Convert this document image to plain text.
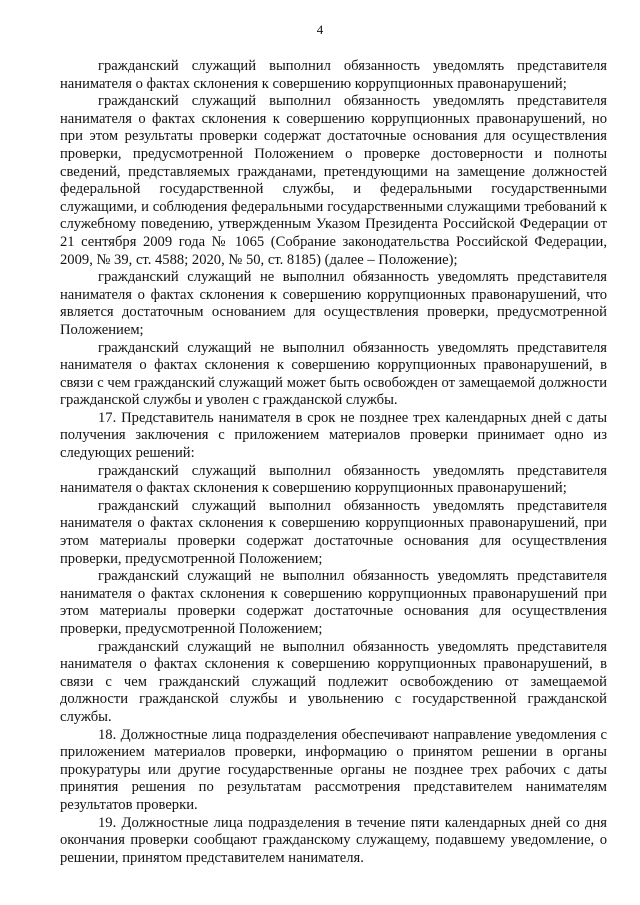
4

гражданский служащий выполнил обязанность уведомлять представителя нанимателя о фактах склонения к совершению коррупционных правонарушений;

гражданский служащий выполнил обязанность уведомлять представителя нанимателя о фактах склонения к совершению коррупционных правонарушений, но при этом результаты проверки содержат достаточные основания для осуществления проверки, предусмотренной Положением о проверке достоверности и полноты сведений, представляемых гражданами, претендующими на замещение должностей федеральной государственной службы, и федеральными государственными служащими, и соблюдения федеральными государственными служащими требований к служебному поведению, утвержденным Указом Президента Российской Федерации от 21 сентября 2009 года № 1065 (Собрание законодательства Российской Федерации, 2009, № 39, ст. 4588; 2020, № 50, ст. 8185) (далее – Положение);

гражданский служащий не выполнил обязанность уведомлять представителя нанимателя о фактах склонения к совершению коррупционных правонарушений, что является достаточным основанием для осуществления проверки, предусмотренной Положением;

гражданский служащий не выполнил обязанность уведомлять представителя нанимателя о фактах склонения к совершению коррупционных правонарушений, в связи с чем гражданский служащий может быть освобожден от замещаемой должности гражданской службы и уволен с гражданской службы.

17. Представитель нанимателя в срок не позднее трех календарных дней с даты получения заключения с приложением материалов проверки принимает одно из следующих решений:

гражданский служащий выполнил обязанность уведомлять представителя нанимателя о фактах склонения к совершению коррупционных правонарушений;

гражданский служащий выполнил обязанность уведомлять представителя нанимателя о фактах склонения к совершению коррупционных правонарушений, при этом материалы проверки содержат достаточные основания для осуществления проверки, предусмотренной Положением;

гражданский служащий не выполнил обязанность уведомлять представителя нанимателя о фактах склонения к совершению коррупционных правонарушений при этом материалы проверки содержат достаточные основания для осуществления проверки, предусмотренной Положением;

гражданский служащий не выполнил обязанность уведомлять представителя нанимателя о фактах склонения к совершению коррупционных правонарушений, в связи с чем гражданский служащий подлежит освобождению от замещаемой должности гражданской службы и увольнению с государственной гражданской службы.

18. Должностные лица подразделения обеспечивают направление уведомления с приложением материалов проверки, информацию о принятом решении в органы прокуратуры или другие государственные органы не позднее трех рабочих с даты принятия решения по результатам рассмотрения представителем нанимателям результатов проверки.

19. Должностные лица подразделения в течение пяти календарных дней со дня окончания проверки сообщают гражданскому служащему, подавшему уведомление, о решении, принятом представителем нанимателя.
